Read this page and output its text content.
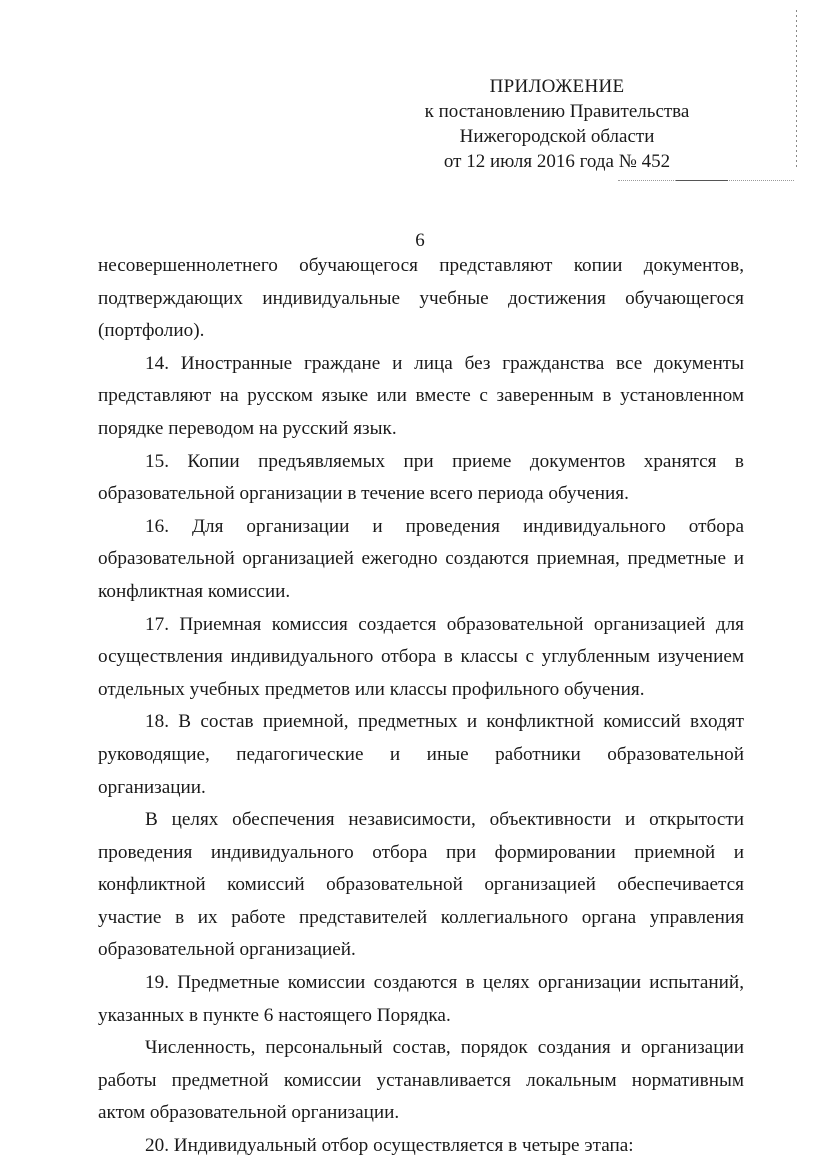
ПРИЛОЖЕНИЕ
к постановлению Правительства
Нижегородской области
от 12 июля 2016 года № 452
6

несовершеннолетнего обучающегося представляют копии документов, подтверждающих индивидуальные учебные достижения обучающегося (портфолио).

14. Иностранные граждане и лица без гражданства все документы представляют на русском языке или вместе с заверенным в установленном порядке переводом на русский язык.

15. Копии предъявляемых при приеме документов хранятся в образовательной организации в течение всего периода обучения.

16. Для организации и проведения индивидуального отбора образовательной организацией ежегодно создаются приемная, предметные и конфликтная комиссии.

17. Приемная комиссия создается образовательной организацией для осуществления индивидуального отбора в классы с углубленным изучением отдельных учебных предметов или классы профильного обучения.

18. В состав приемной, предметных и конфликтной комиссий входят руководящие, педагогические и иные работники образовательной организации.

В целях обеспечения независимости, объективности и открытости проведения индивидуального отбора при формировании приемной и конфликтной комиссий образовательной организацией обеспечивается участие в их работе представителей коллегиального органа управления образовательной организацией.

19. Предметные комиссии создаются в целях организации испытаний, указанных в пункте 6 настоящего Порядка.

Численность, персональный состав, порядок создания и организации работы предметной комиссии устанавливается локальным нормативным актом образовательной организации.

20. Индивидуальный отбор осуществляется в четыре этапа:
